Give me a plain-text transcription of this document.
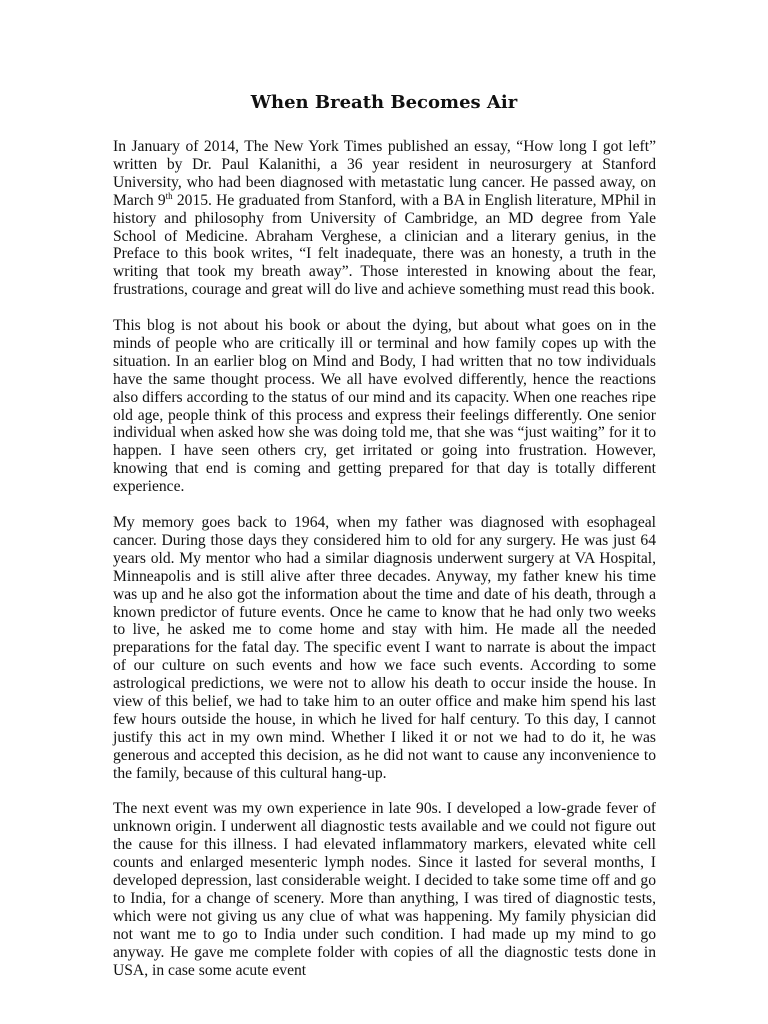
When Breath Becomes Air

In January of 2014, The New York Times published an essay, “How long I got left” written by Dr. Paul Kalanithi, a 36 year resident in neurosurgery at Stanford University, who had been diagnosed with metastatic lung cancer. He passed away, on March 9th 2015. He graduated from Stanford, with a BA in English literature, MPhil in history and philosophy from University of Cambridge, an MD degree from Yale School of Medicine. Abraham Verghese, a clinician and a literary genius, in the Preface to this book writes, “I felt inadequate, there was an honesty, a truth in the writing that took my breath away”. Those interested in knowing about the fear, frustrations, courage and great will do live and achieve something must read this book.

This blog is not about his book or about the dying, but about what goes on in the minds of people who are critically ill or terminal and how family copes up with the situation. In an earlier blog on Mind and Body, I had written that no tow individuals have the same thought process. We all have evolved differently, hence the reactions also differs according to the status of our mind and its capacity. When one reaches ripe old age, people think of this process and express their feelings differently. One senior individual when asked how she was doing told me, that she was “just waiting” for it to happen. I have seen others cry, get irritated or going into frustration. However, knowing that end is coming and getting prepared for that day is totally different experience.

My memory goes back to 1964, when my father was diagnosed with esophageal cancer. During those days they considered him to old for any surgery. He was just 64 years old. My mentor who had a similar diagnosis underwent surgery at VA Hospital, Minneapolis and is still alive after three decades. Anyway, my father knew his time was up and he also got the information about the time and date of his death, through a known predictor of future events. Once he came to know that he had only two weeks to live, he asked me to come home and stay with him. He made all the needed preparations for the fatal day. The specific event I want to narrate is about the impact of our culture on such events and how we face such events. According to some astrological predictions, we were not to allow his death to occur inside the house. In view of this belief, we had to take him to an outer office and make him spend his last few hours outside the house, in which he lived for half century. To this day, I cannot justify this act in my own mind. Whether I liked it or not we had to do it, he was generous and accepted this decision, as he did not want to cause any inconvenience to the family, because of this cultural hang-up.

The next event was my own experience in late 90s. I developed a low-grade fever of unknown origin. I underwent all diagnostic tests available and we could not figure out the cause for this illness. I had elevated inflammatory markers, elevated white cell counts and enlarged mesenteric lymph nodes. Since it lasted for several months, I developed depression, last considerable weight. I decided to take some time off and go to India, for a change of scenery. More than anything, I was tired of diagnostic tests, which were not giving us any clue of what was happening. My family physician did not want me to go to India under such condition. I had made up my mind to go anyway. He gave me complete folder with copies of all the diagnostic tests done in USA, in case some acute event
